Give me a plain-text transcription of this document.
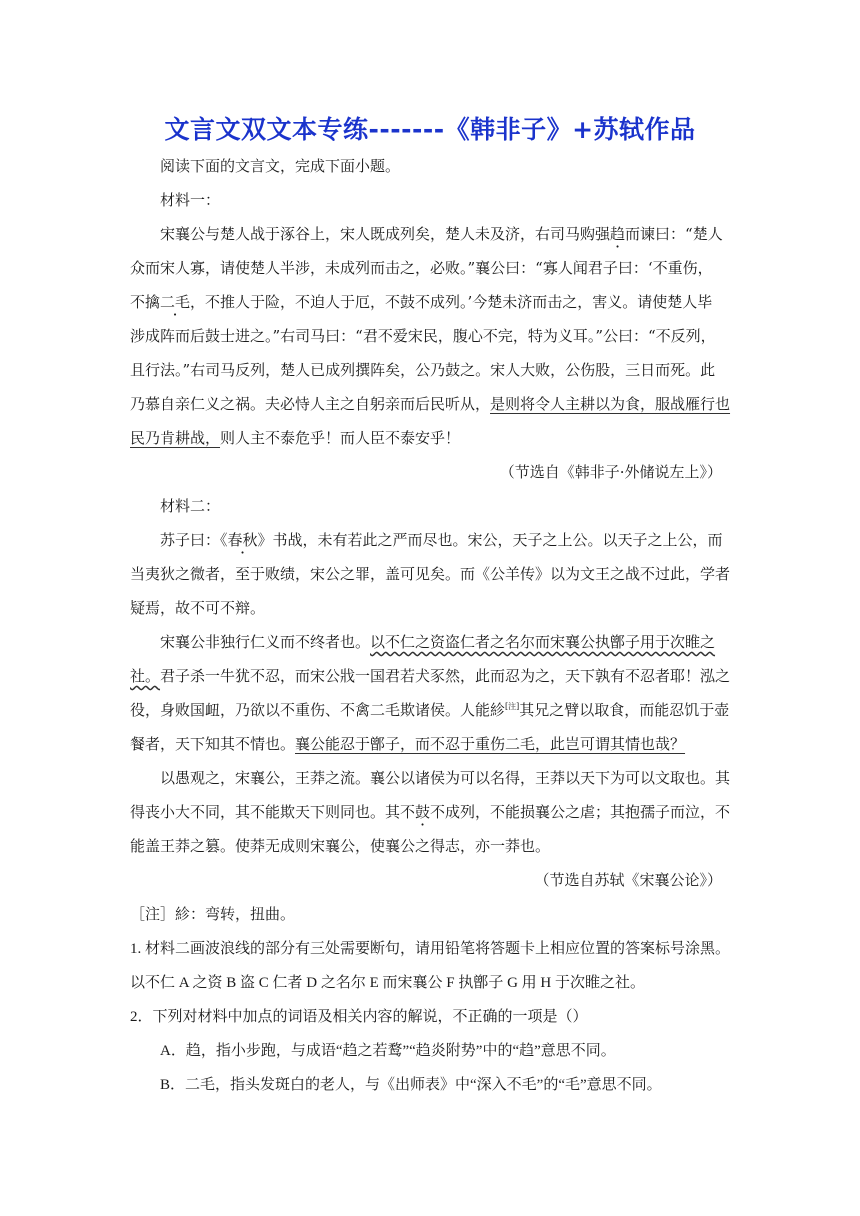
文言文双文本专练-------《韩非子》+苏轼作品
阅读下面的文言文，完成下面小题。
材料一：
宋襄公与楚人战于涿谷上，宋人既成列矣，楚人未及济，右司马购强趋而谏曰：“楚人
众而宋人寡，请使楚人半涉，未成列而击之，必败。”襄公曰：“寡人闻君子曰：‘不重伤，
不擒二毛，不推人于险，不迫人于厄，不鼓不成列。’今楚未济而击之，害义。请使楚人毕
涉成阵而后鼓士进之。”右司马曰：“君不爱宋民，腹心不完，特为义耳。”公曰：“不反列，
且行法。”右司马反列，楚人已成列撰阵矣，公乃鼓之。宋人大败，公伤股，三日而死。此
乃慕自亲仁义之祸。夫必恃人主之自躬亲而后民听从，是则将令人主耕以为食，服战雁行也
民乃肯耕战，则人主不泰危乎！而人臣不泰安乎！
（节选自《韩非子·外储说左上》）
材料二：
苏子曰：《春秋》书战，未有若此之严而尽也。宋公，天子之上公。以天子之上公，而
当夷狄之微者，至于败绩，宋公之罪，盖可见矣。而《公羊传》以为文王之战不过此，学者
疑焉，故不可不辩。
宋襄公非独行仁义而不终者也。以不仁之资盗仁者之名尔而宋襄公执鄫子用于次睢之
社。君子杀一牛犹不忍，而宋公戕一国君若犬豕然，此而忍为之，天下孰有不忍者耶！泓之
役，身败国衄，乃欲以不重伤、不禽二毛欺诸侯。人能紾[注]其兄之臂以取食，而能忍饥于壶
餐者，天下知其不情也。襄公能忍于鄫子，而不忍于重伤二毛，此岂可谓其情也哉？
以愚观之，宋襄公，王莽之流。襄公以诸侯为可以名得，王莽以天下为可以文取也。其
得丧小大不同，其不能欺天下则同也。其不鼓不成列，不能损襄公之虐；其抱孺子而泣，不
能盖王莽之篡。使莽无成则宋襄公，使襄公之得志，亦一莽也。
（节选自苏轼《宋襄公论》）
［注］紾：弯转，扭曲。
1. 材料二画波浪线的部分有三处需要断句，请用铅笔将答题卡上相应位置的答案标号涂黑。
以不仁 A 之资 B 盗 C 仁者 D 之名尔 E 而宋襄公 F 执鄫子 G 用 H 于次睢之社。
2．下列对材料中加点的词语及相关内容的解说，不正确的一项是（）
A．趋，指小步跑，与成语“趋之若鹜”“趋炎附势”中的“趋”意思不同。
B．二毛，指头发斑白的老人，与《出师表》中“深入不毛”的“毛”意思不同。
